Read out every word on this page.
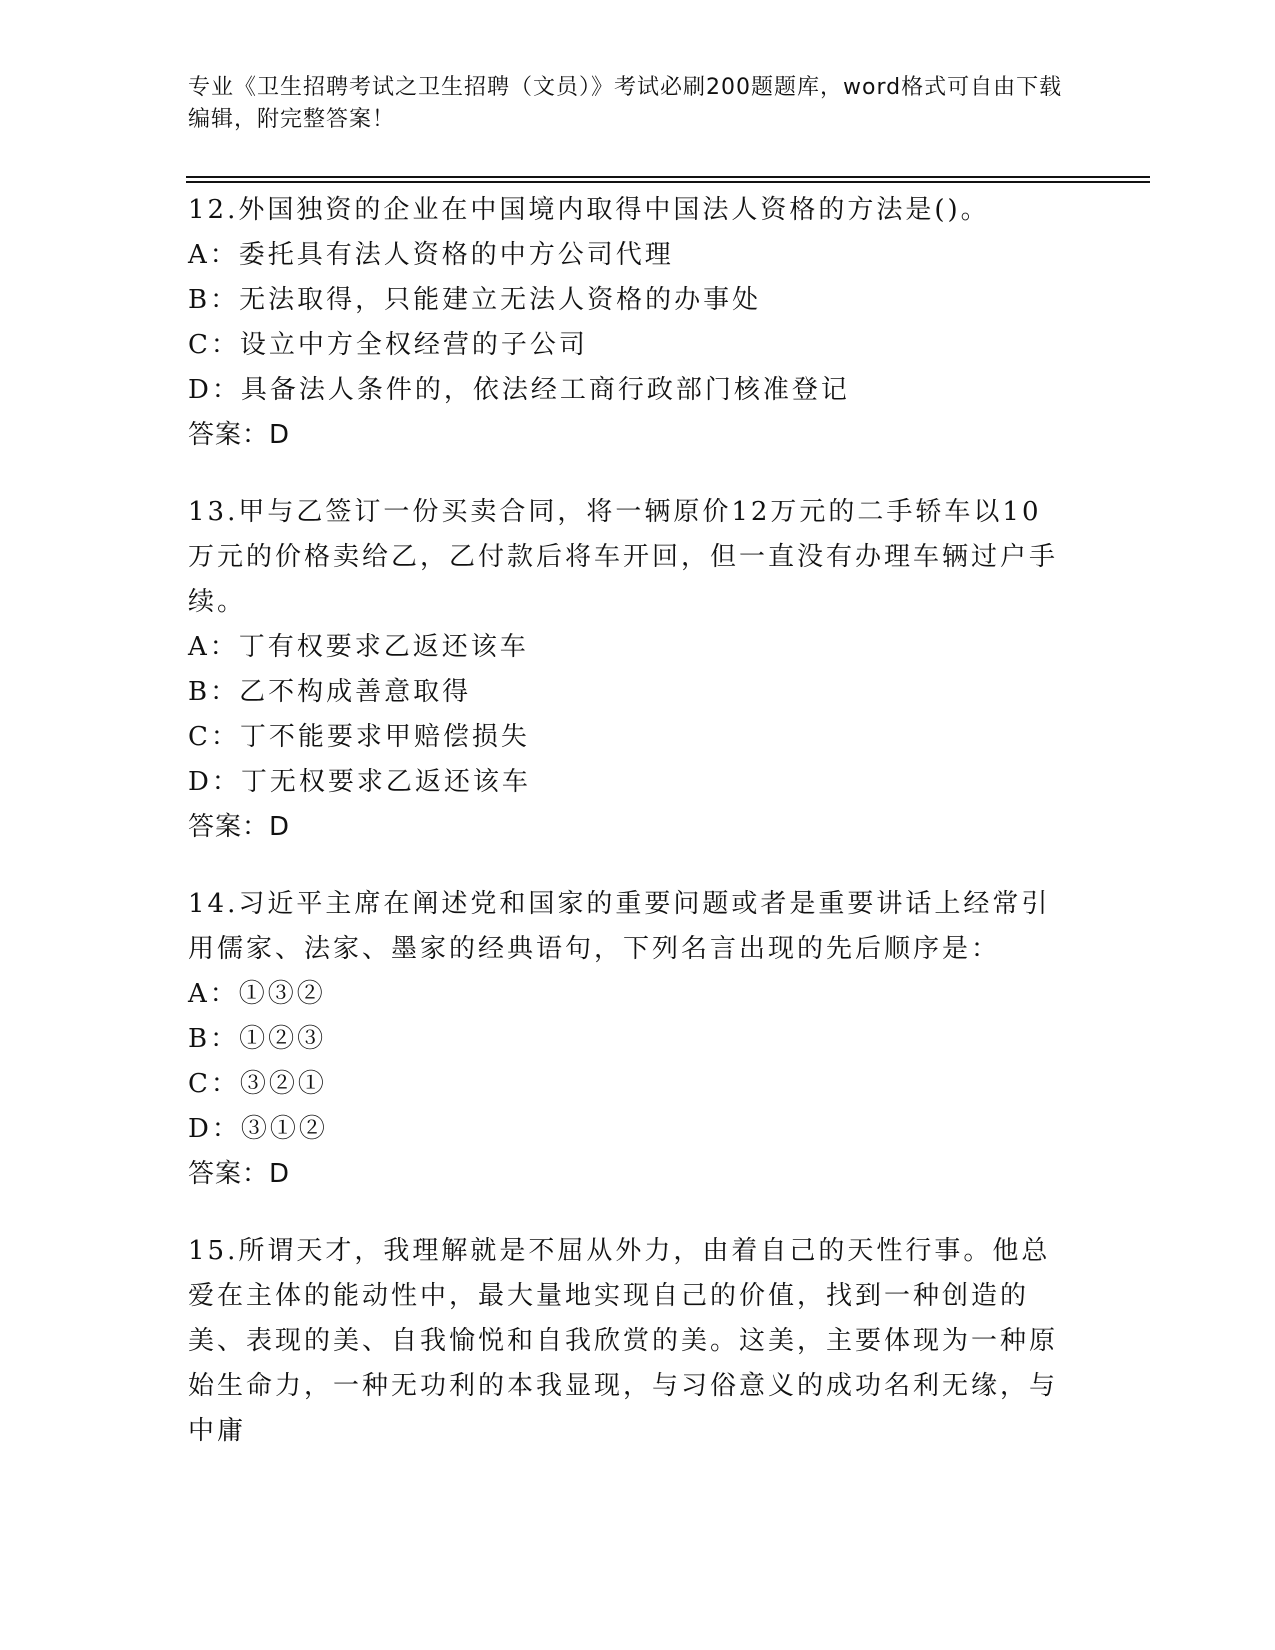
专业《卫生招聘考试之卫生招聘（文员）》考试必刷200题题库，word格式可自由下载编辑，附完整答案！
12.外国独资的企业在中国境内取得中国法人资格的方法是()。
A：委托具有法人资格的中方公司代理
B：无法取得，只能建立无法人资格的办事处
C：设立中方全权经营的子公司
D：具备法人条件的，依法经工商行政部门核准登记
答案：D
13.甲与乙签订一份买卖合同，将一辆原价12万元的二手轿车以10万元的价格卖给乙，乙付款后将车开回，但一直没有办理车辆过户手续。
A：丁有权要求乙返还该车
B：乙不构成善意取得
C：丁不能要求甲赔偿损失
D：丁无权要求乙返还该车
答案：D
14.习近平主席在阐述党和国家的重要问题或者是重要讲话上经常引用儒家、法家、墨家的经典语句，下列名言出现的先后顺序是：
A：①③②
B：①②③
C：③②①
D：③①②
答案：D
15.所谓天才，我理解就是不屈从外力，由着自己的天性行事。他总爱在主体的能动性中，最大量地实现自己的价值，找到一种创造的美、表现的美、自我愉悦和自我欣赏的美。这美，主要体现为一种原始生命力，一种无功利的本我显现，与习俗意义的成功名利无缘，与中庸
